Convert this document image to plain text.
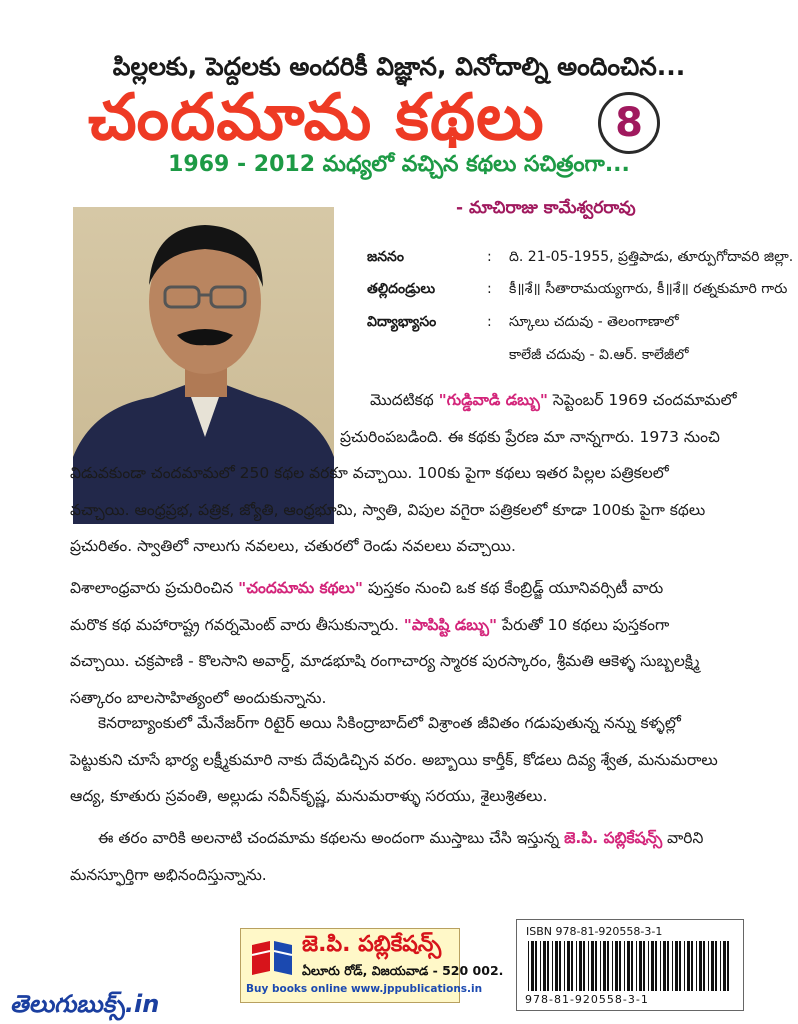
పిల్లలకు, పెద్దలకు అందరికీ విజ్ఞాన, వినోదాల్ని అందించిన...
చందమామ కథలు	8
1969 - 2012 మధ్యలో వచ్చిన కథలు సచిత్రంగా...
- మాచిరాజు కామేశ్వరరావు
జననం	: ది. 21-05-1955, ప్రత్తిపాడు, తూర్పుగోదావరి జిల్లా.
తల్లిదండ్రులు	: కీ॥శే॥ సీతారామయ్యగారు, కీ॥శే॥ రత్నకుమారి గారు
విద్యాభ్యాసం	: స్కూలు చదువు - తెలంగాణాలో
కాలేజీ చదువు - వి.ఆర్. కాలేజీలో
మొదటికథ "గుడ్డివాడి డబ్బు" సెప్టెంబర్ 1969 చందమామలో
ప్రచురింపబడింది. ఈ కథకు ప్రేరణ మా నాన్నగారు. 1973 నుంచి
విడువకుండా చందమామలో 250 కథల వరకూ వచ్చాయి. 100కు పైగా కథలు ఇతర పిల్లల పత్రికలలో
వచ్చాయి. ఆంధ్రప్రభ, పత్రిక, జ్యోతి, ఆంధ్రభూమి, స్వాతి, విపుల వగైరా పత్రికలలో కూడా 100కు పైగా కథలు
ప్రచురితం. స్వాతిలో నాలుగు నవలలు, చతురలో రెండు నవలలు వచ్చాయి.
విశాలాంధ్రవారు ప్రచురించిన "చందమామ కథలు" పుస్తకం నుంచి ఒక కథ కేంబ్రిడ్జ్ యూనివర్సిటీ వారు
మరొక కథ మహారాష్ట్ర గవర్నమెంట్ వారు తీసుకున్నారు. "పాపిష్టి డబ్బు" పేరుతో 10 కథలు పుస్తకంగా
వచ్చాయి. చక్రపాణి - కొలసాని అవార్డ్, మాడభూషి రంగాచార్య స్మారక పురస్కారం, శ్రీమతి ఆకెళ్ళ సుబ్బలక్ష్మి
సత్కారం బాలసాహిత్యంలో అందుకున్నాను.
కెనరాబ్యాంకులో మేనేజర్‌గా రిటైర్ అయి సికింద్రాబాద్‌లో విశ్రాంత జీవితం గడుపుతున్న నన్ను కళ్ళల్లో
పెట్టుకుని చూసే భార్య లక్ష్మీకుమారి నాకు దేవుడిచ్చిన వరం. అబ్బాయి కార్తీక్, కోడలు దివ్య శ్వేత, మనుమరాలు
ఆద్య, కూతురు స్రవంతి, అల్లుడు నవీన్‌కృష్ణ, మనుమరాళ్ళు సరయు, శైలుశ్రితలు.
ఈ తరం వారికి అలనాటి చందమామ కథలను అందంగా ముస్తాబు చేసి ఇస్తున్న జె.పి. పబ్లికేషన్స్ వారిని
మనస్ఫూర్తిగా అభినందిస్తున్నాను.
జె.పి. పబ్లికేషన్స్
ఏలూరు రోడ్, విజయవాడ - 520 002.
Buy books online www.jppublications.in
ISBN 978-81-920558-3-1
978-81-920558-3-1
తెలుగుబుక్స్.in
